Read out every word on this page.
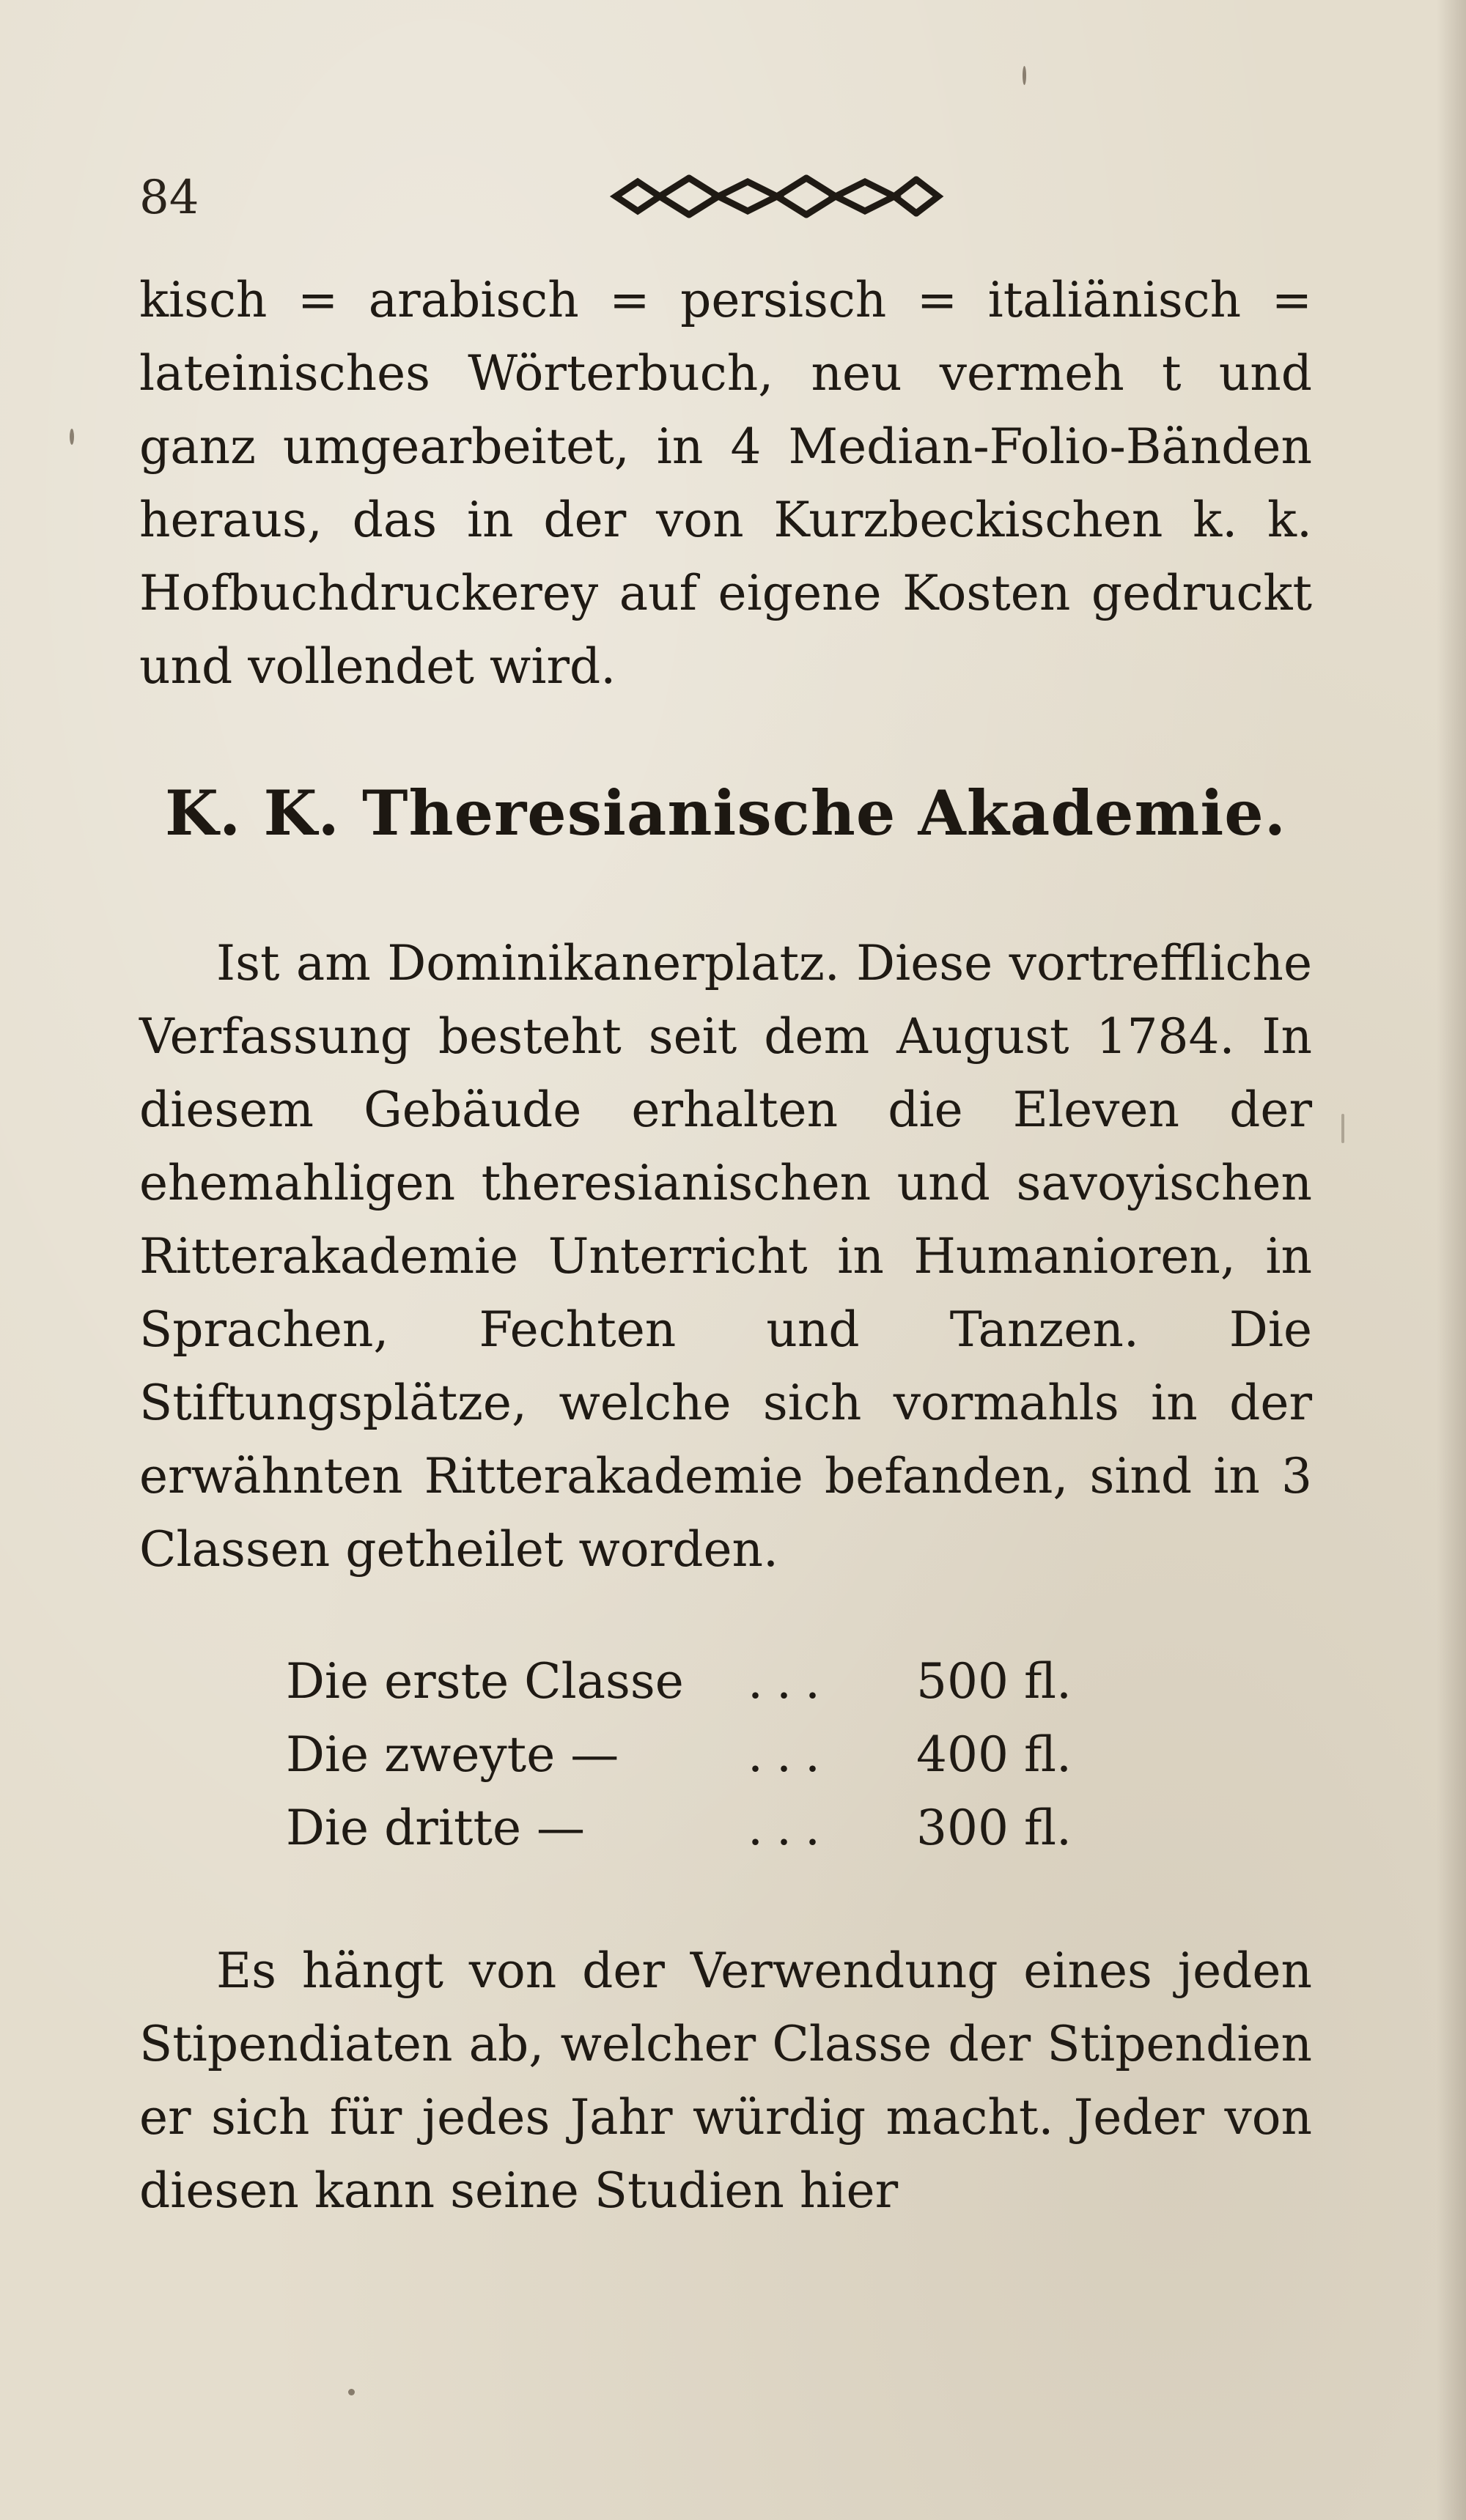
84
kisch = arabisch = persisch = italiänisch = lateinisches Wörterbuch, neu vermeh t und ganz umgearbeitet, in 4 Median-Folio-Bänden heraus, das in der von Kurzbeckischen k. k. Hofbuchdruckerey auf eigene Kosten gedruckt und vollendet wird.
K. K. Theresianische Akademie.
Ist am Dominikanerplatz. Diese vortreffliche Verfassung besteht seit dem August 1784. In diesem Gebäude erhalten die Eleven der ehemahligen theresianischen und savoyischen Ritterakademie Unterricht in Humanioren, in Sprachen, Fechten und Tanzen. Die Stiftungsplätze, welche sich vormahls in der erwähnten Ritterakademie befanden, sind in 3 Classen getheilet worden.
Die erste Classe ... 500 fl.
Die zweyte —	... 400 fl.
Die dritte —	... 300 fl.
Es hängt von der Verwendung eines jeden Stipendiaten ab, welcher Classe der Stipendien er sich für jedes Jahr würdig macht. Jeder von diesen kann seine Studien hier
